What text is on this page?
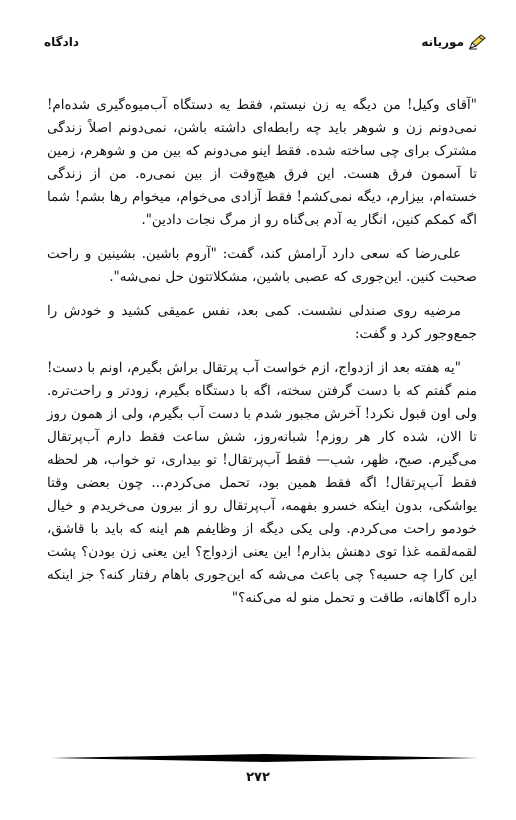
موریانه
دادگاه

"آقای وکیل! من دیگه یه زن نیستم، فقط یه دستگاه آب‌میوه‌گیری شده‌ام! نمی‌دونم زن و شوهر باید چه رابطه‌ای داشته باشن، نمی‌دونم اصلاً زندگی مشترک برای چی ساخته شده. فقط اینو می‌دونم که بین من و شوهرم، زمین تا آسمون فرق هست. این فرق هیچ‌وقت از بین نمی‌ره. من از زندگی خسته‌ام، بیزارم، دیگه نمی‌کشم! فقط آزادی می‌خوام، میخوام رها بشم! شما اگه کمکم کنین، انگار یه آدم بی‌گناه رو از مرگ نجات دادین".

علی‌رضا که سعی دارد آرامش کند، گفت: "آروم باشین. بشینین و راحت صحبت کنین. این‌جوری که عصبی باشین، مشکلاتتون حل نمی‌شه".

مرضیه روی صندلی نشست. کمی بعد، نفس عمیقی کشید و خودش را جمع‌وجور کرد و گفت:

"یه هفته بعد از ازدواج، ازم خواست آب پرتقال براش بگیرم، اونم با دست! منم گفتم که با دست گرفتن سخته، اگه با دستگاه بگیرم، زودتر و راحت‌تره. ولی اون قبول نکرد! آخرش مجبور شدم با دست آب بگیرم، ولی از همون روز تا الان، شده کار هر روزم! شبانه‌روز، شش ساعت فقط دارم آب‌پرتقال می‌گیرم. صبح، ظهر، شب— فقط آب‌پرتقال! تو بیداری، تو خواب، هر لحظه فقط آب‌پرتقال! اگه فقط همین بود، تحمل می‌کردم... چون بعضی وقتا یواشکی، بدون اینکه خسرو بفهمه، آب‌پرتقال رو از بیرون می‌خریدم و خیال خودمو راحت می‌کردم. ولی یکی دیگه از وظایفم هم اینه که باید با قاشق، لقمه‌لقمه غذا توی دهنش بذارم! این یعنی ازدواج؟ این یعنی زن بودن؟ پشت این کارا چه حسیه؟ چی باعث می‌شه که این‌جوری باهام رفتار کنه؟ جز اینکه داره آگاهانه، طاقت و تحمل منو له می‌کنه؟"

۲۷۲
